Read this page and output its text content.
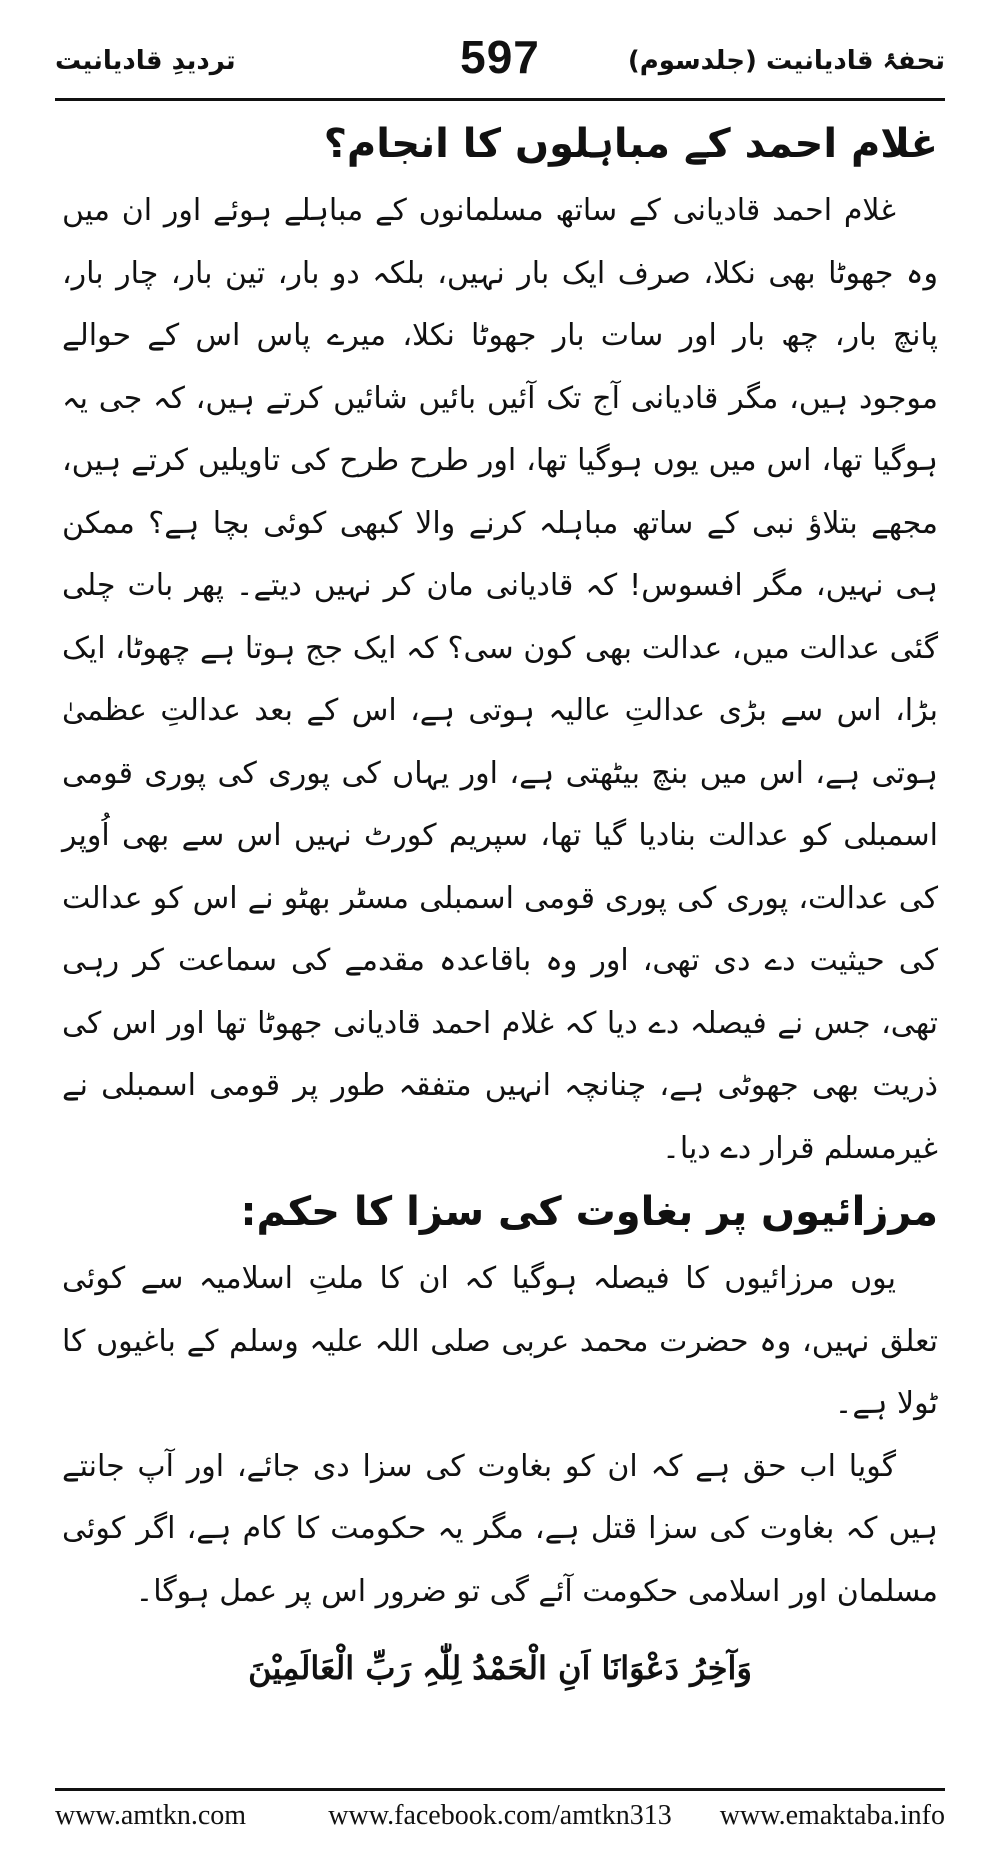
تحفۂ قادیانیت (جلدسوم)
597
تردیدِ قادیانیت
غلام احمد کے مباہلوں کا انجام؟

غلام احمد قادیانی کے ساتھ مسلمانوں کے مباہلے ہوئے اور ان میں وہ جھوٹا بھی نکلا، صرف ایک بار نہیں، بلکہ دو بار، تین بار، چار بار، پانچ بار، چھ بار اور سات بار جھوٹا نکلا، میرے پاس اس کے حوالے موجود ہیں، مگر قادیانی آج تک آئیں بائیں شائیں کرتے ہیں، کہ جی یہ ہوگیا تھا، اس میں یوں ہوگیا تھا، اور طرح طرح کی تاویلیں کرتے ہیں، مجھے بتلاؤ نبی کے ساتھ مباہلہ کرنے والا کبھی کوئی بچا ہے؟ ممکن ہی نہیں، مگر افسوس! کہ قادیانی مان کر نہیں دیتے۔ پھر بات چلی گئی عدالت میں، عدالت بھی کون سی؟ کہ ایک جج ہوتا ہے چھوٹا، ایک بڑا، اس سے بڑی عدالتِ عالیہ ہوتی ہے، اس کے بعد عدالتِ عظمیٰ ہوتی ہے، اس میں بنچ بیٹھتی ہے، اور یہاں کی پوری کی پوری قومی اسمبلی کو عدالت بنادیا گیا تھا، سپریم کورٹ نہیں اس سے بھی اُوپر کی عدالت، پوری کی پوری قومی اسمبلی مسٹر بھٹو نے اس کو عدالت کی حیثیت دے دی تھی، اور وہ باقاعدہ مقدمے کی سماعت کر رہی تھی، جس نے فیصلہ دے دیا کہ غلام احمد قادیانی جھوٹا تھا اور اس کی ذریت بھی جھوٹی ہے، چنانچہ انہیں متفقہ طور پر قومی اسمبلی نے غیرمسلم قرار دے دیا۔

مرزائیوں پر بغاوت کی سزا کا حکم:

یوں مرزائیوں کا فیصلہ ہوگیا کہ ان کا ملتِ اسلامیہ سے کوئی تعلق نہیں، وہ حضرت محمد عربی صلی اللہ علیہ وسلم کے باغیوں کا ٹولا ہے۔

گویا اب حق ہے کہ ان کو بغاوت کی سزا دی جائے، اور آپ جانتے ہیں کہ بغاوت کی سزا قتل ہے، مگر یہ حکومت کا کام ہے، اگر کوئی مسلمان اور اسلامی حکومت آئے گی تو ضرور اس پر عمل ہوگا۔

وَآخِرُ دَعْوَانَا اَنِ الْحَمْدُ لِلّٰہِ رَبِّ الْعَالَمِیْنَ
www.amtkn.com	www.facebook.com/amtkn313	www.emaktaba.info
